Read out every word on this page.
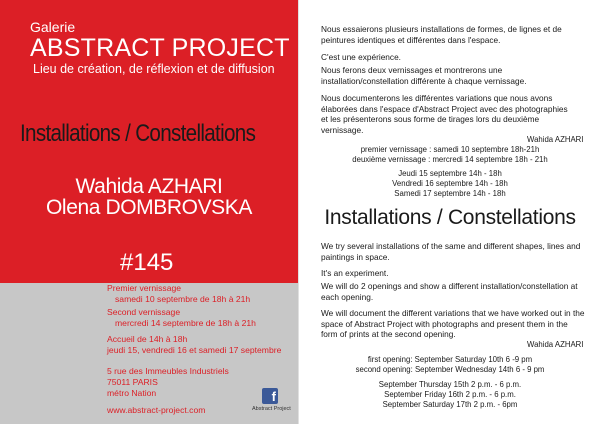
Galerie
ABSTRACT PROJECT
Lieu de création, de réflexion et de diffusion
Installations / Constellations
Wahida AZHARI
Olena DOMBROVSKA
#145
Premier vernissage
samedi 10 septembre de 18h à 21h
Second vernissage
mercredi 14 septembre de 18h à 21h
Accueil de 14h à 18h
jeudi 15, vendredi 16 et samedi 17 septembre
5 rue des Immeubles Industriels
75011 PARIS
métro Nation
www.abstract-project.com
f
Abstract Project
Nous essaierons plusieurs installations de formes, de lignes et de peintures identiques et différentes dans l'espace.
C'est une expérience.
Nous ferons deux vernissages et montrerons une installation/constellation différente à chaque vernissage.
Nous documenterons les différentes variations que nous avons élaborées dans l'espace d'Abstract Project avec des photographies et les présenterons sous forme de tirages lors du deuxième vernissage.
Wahida AZHARI
premier vernissage : samedi 10 septembre 18h-21h
deuxième vernissage : mercredi 14 septembre 18h - 21h
Jeudi 15 septembre 14h - 18h
Vendredi 16 septembre 14h - 18h
Samedi 17 septembre 14h - 18h
Installations / Constellations
We try several installations of the same and different shapes, lines and paintings in space.
It's an experiment.
We will do 2 openings and show a different installation/constellation at each opening.
We will document the different variations that we have worked out in the space of Abstract Project with photographs and present them in the form of prints at the second opening.
Wahida AZHARI
first opening: September Saturday 10th 6 -9 pm
second opening: September Wednesday 14th 6 - 9 pm
September Thursday 15th 2 p.m. - 6 p.m.
September Friday 16th 2 p.m. - 6 p.m.
September Saturday 17th 2 p.m. - 6pm
